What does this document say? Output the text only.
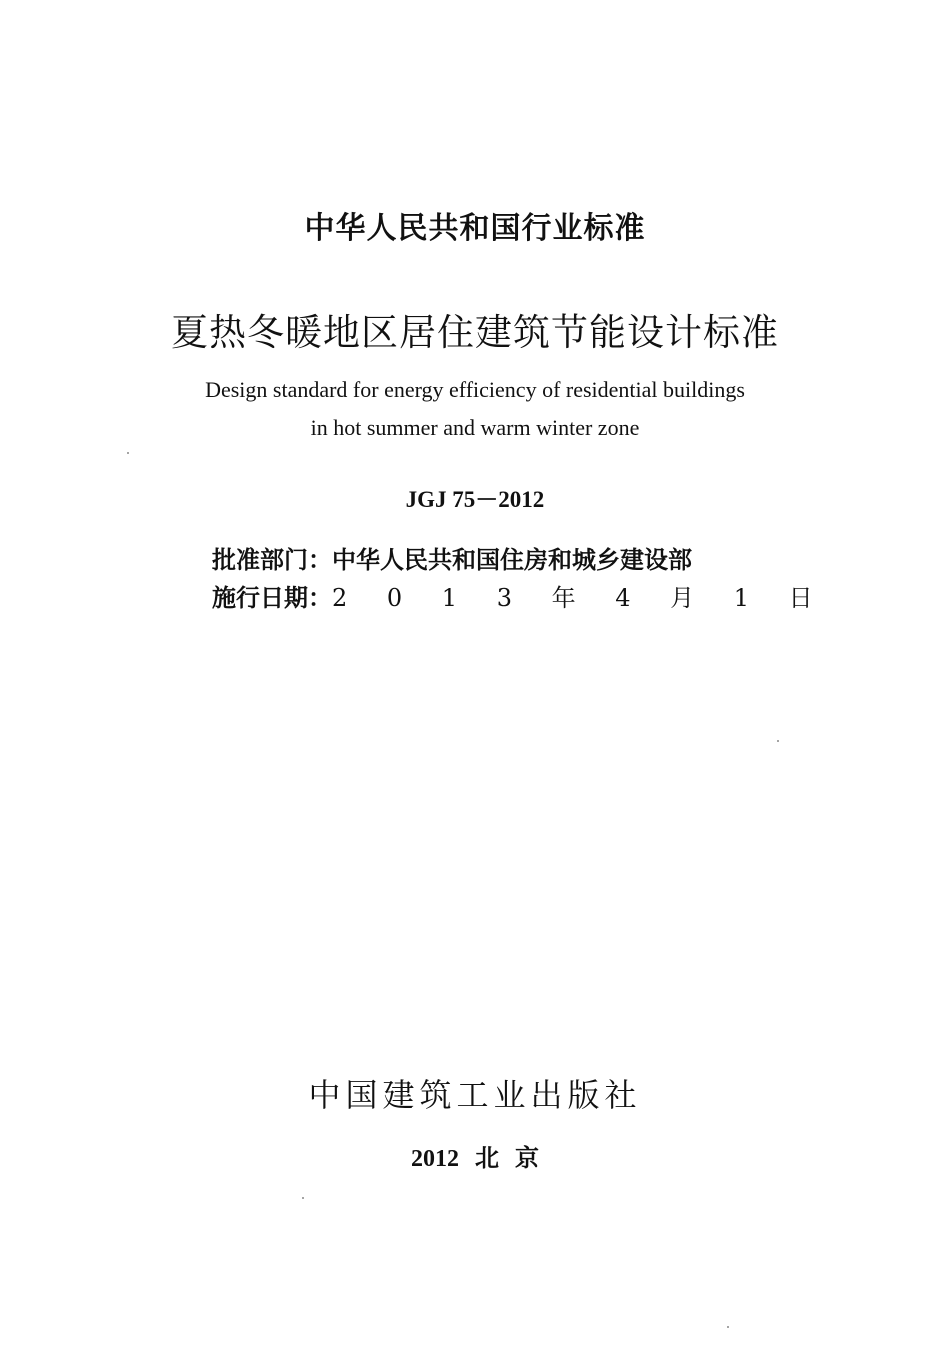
中华人民共和国行业标准
夏热冬暖地区居住建筑节能设计标准
Design standard for energy efficiency of residential buildings
in hot summer and warm winter zone
JGJ 75－2012
批准部门：中华人民共和国住房和城乡建设部
施行日期：2 0 1 3 年 4 月 1 日
中国建筑工业出版社
2012 北 京
